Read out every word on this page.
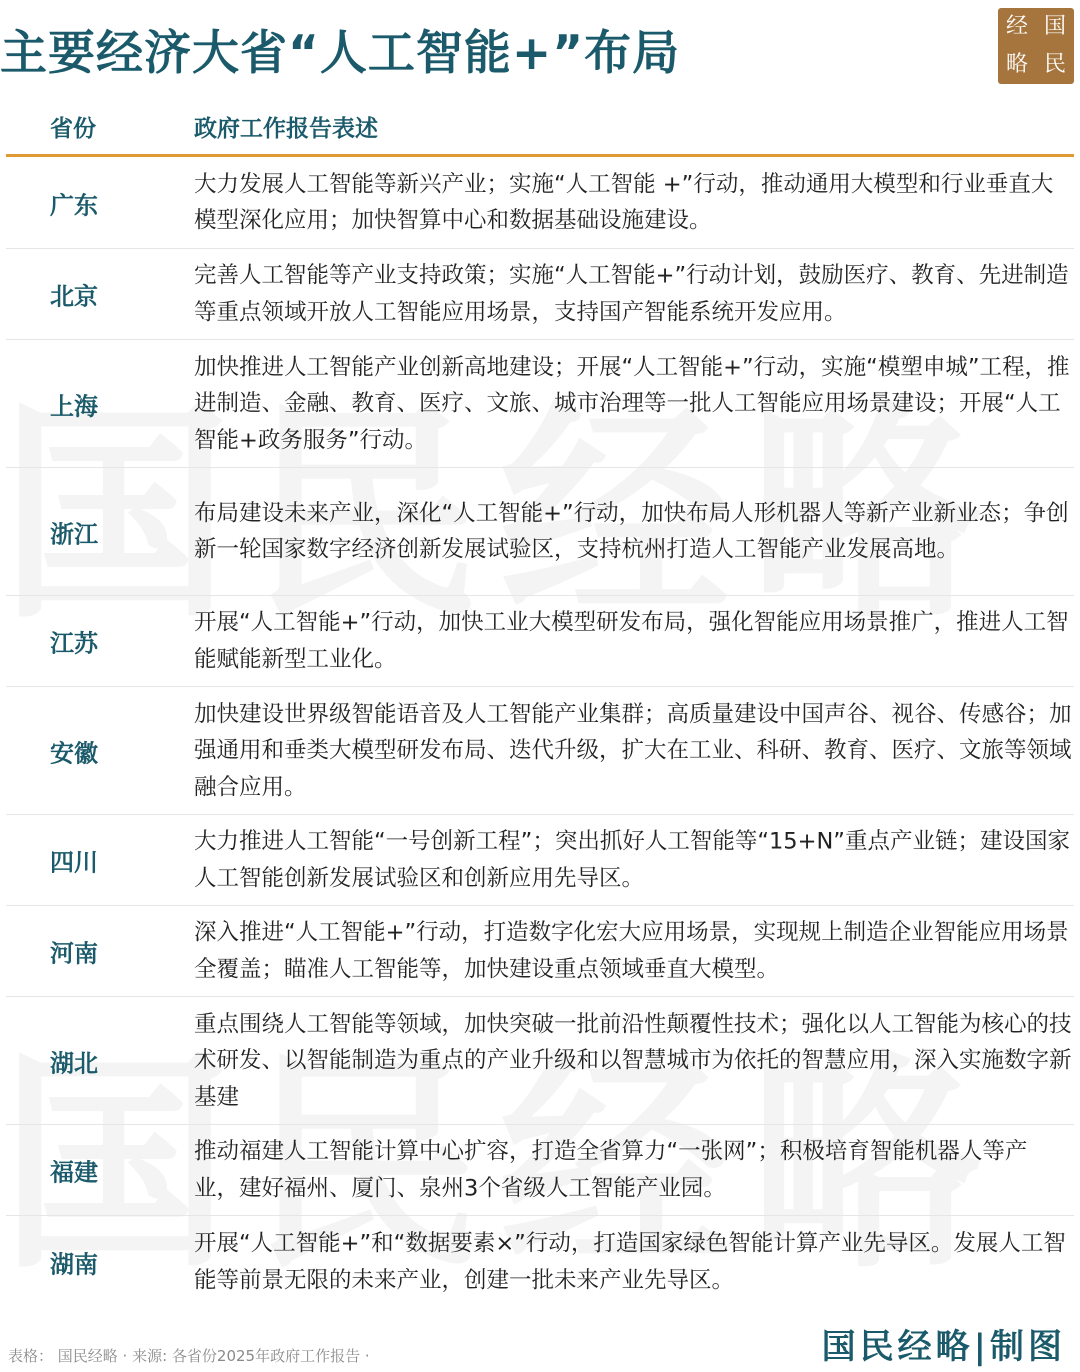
主要经济大省“人工智能+”布局	经 国
略 民
省份	政府工作报告表述
广东
大力发展人工智能等新兴产业；实施“人工智能 +”行动，推动通用大模型和行业垂直大模型深化应用；加快智算中心和数据基础设施建设。
北京
完善人工智能等产业支持政策；实施“人工智能+”行动计划，鼓励医疗、教育、先进制造等重点领域开放人工智能应用场景，支持国产智能系统开发应用。
上海
加快推进人工智能产业创新高地建设；开展“人工智能+”行动，实施“模塑申城”工程，推进制造、金融、教育、医疗、文旅、城市治理等一批人工智能应用场景建设；开展“人工智能+政务服务”行动。
浙江
布局建设未来产业，深化“人工智能+”行动，加快布局人形机器人等新产业新业态；争创新一轮国家数字经济创新发展试验区，支持杭州打造人工智能产业发展高地。
江苏
开展“人工智能+”行动，加快工业大模型研发布局，强化智能应用场景推广，推进人工智能赋能新型工业化。
安徽
加快建设世界级智能语音及人工智能产业集群；高质量建设中国声谷、视谷、传感谷；加强通用和垂类大模型研发布局、迭代升级，扩大在工业、科研、教育、医疗、文旅等领域融合应用。
四川
大力推进人工智能“一号创新工程”；突出抓好人工智能等“15+N”重点产业链；建设国家人工智能创新发展试验区和创新应用先导区。
河南
深入推进“人工智能+”行动，打造数字化宏大应用场景，实现规上制造企业智能应用场景全覆盖；瞄准人工智能等，加快建设重点领域垂直大模型。
湖北
重点围绕人工智能等领域，加快突破一批前沿性颠覆性技术；强化以人工智能为核心的技术研发、以智能制造为重点的产业升级和以智慧城市为依托的智慧应用，深入实施数字新基建
福建
推动福建人工智能计算中心扩容，打造全省算力“一张网”；积极培育智能机器人等产业，建好福州、厦门、泉州3个省级人工智能产业园。
湖南
开展“人工智能+”和“数据要素×”行动，打造国家绿色智能计算产业先导区。发展人工智能等前景无限的未来产业，创建一批未来产业先导区。
表格： 国民经略 · 来源: 各省份2025年政府工作报告 ·	国民经略|制图
